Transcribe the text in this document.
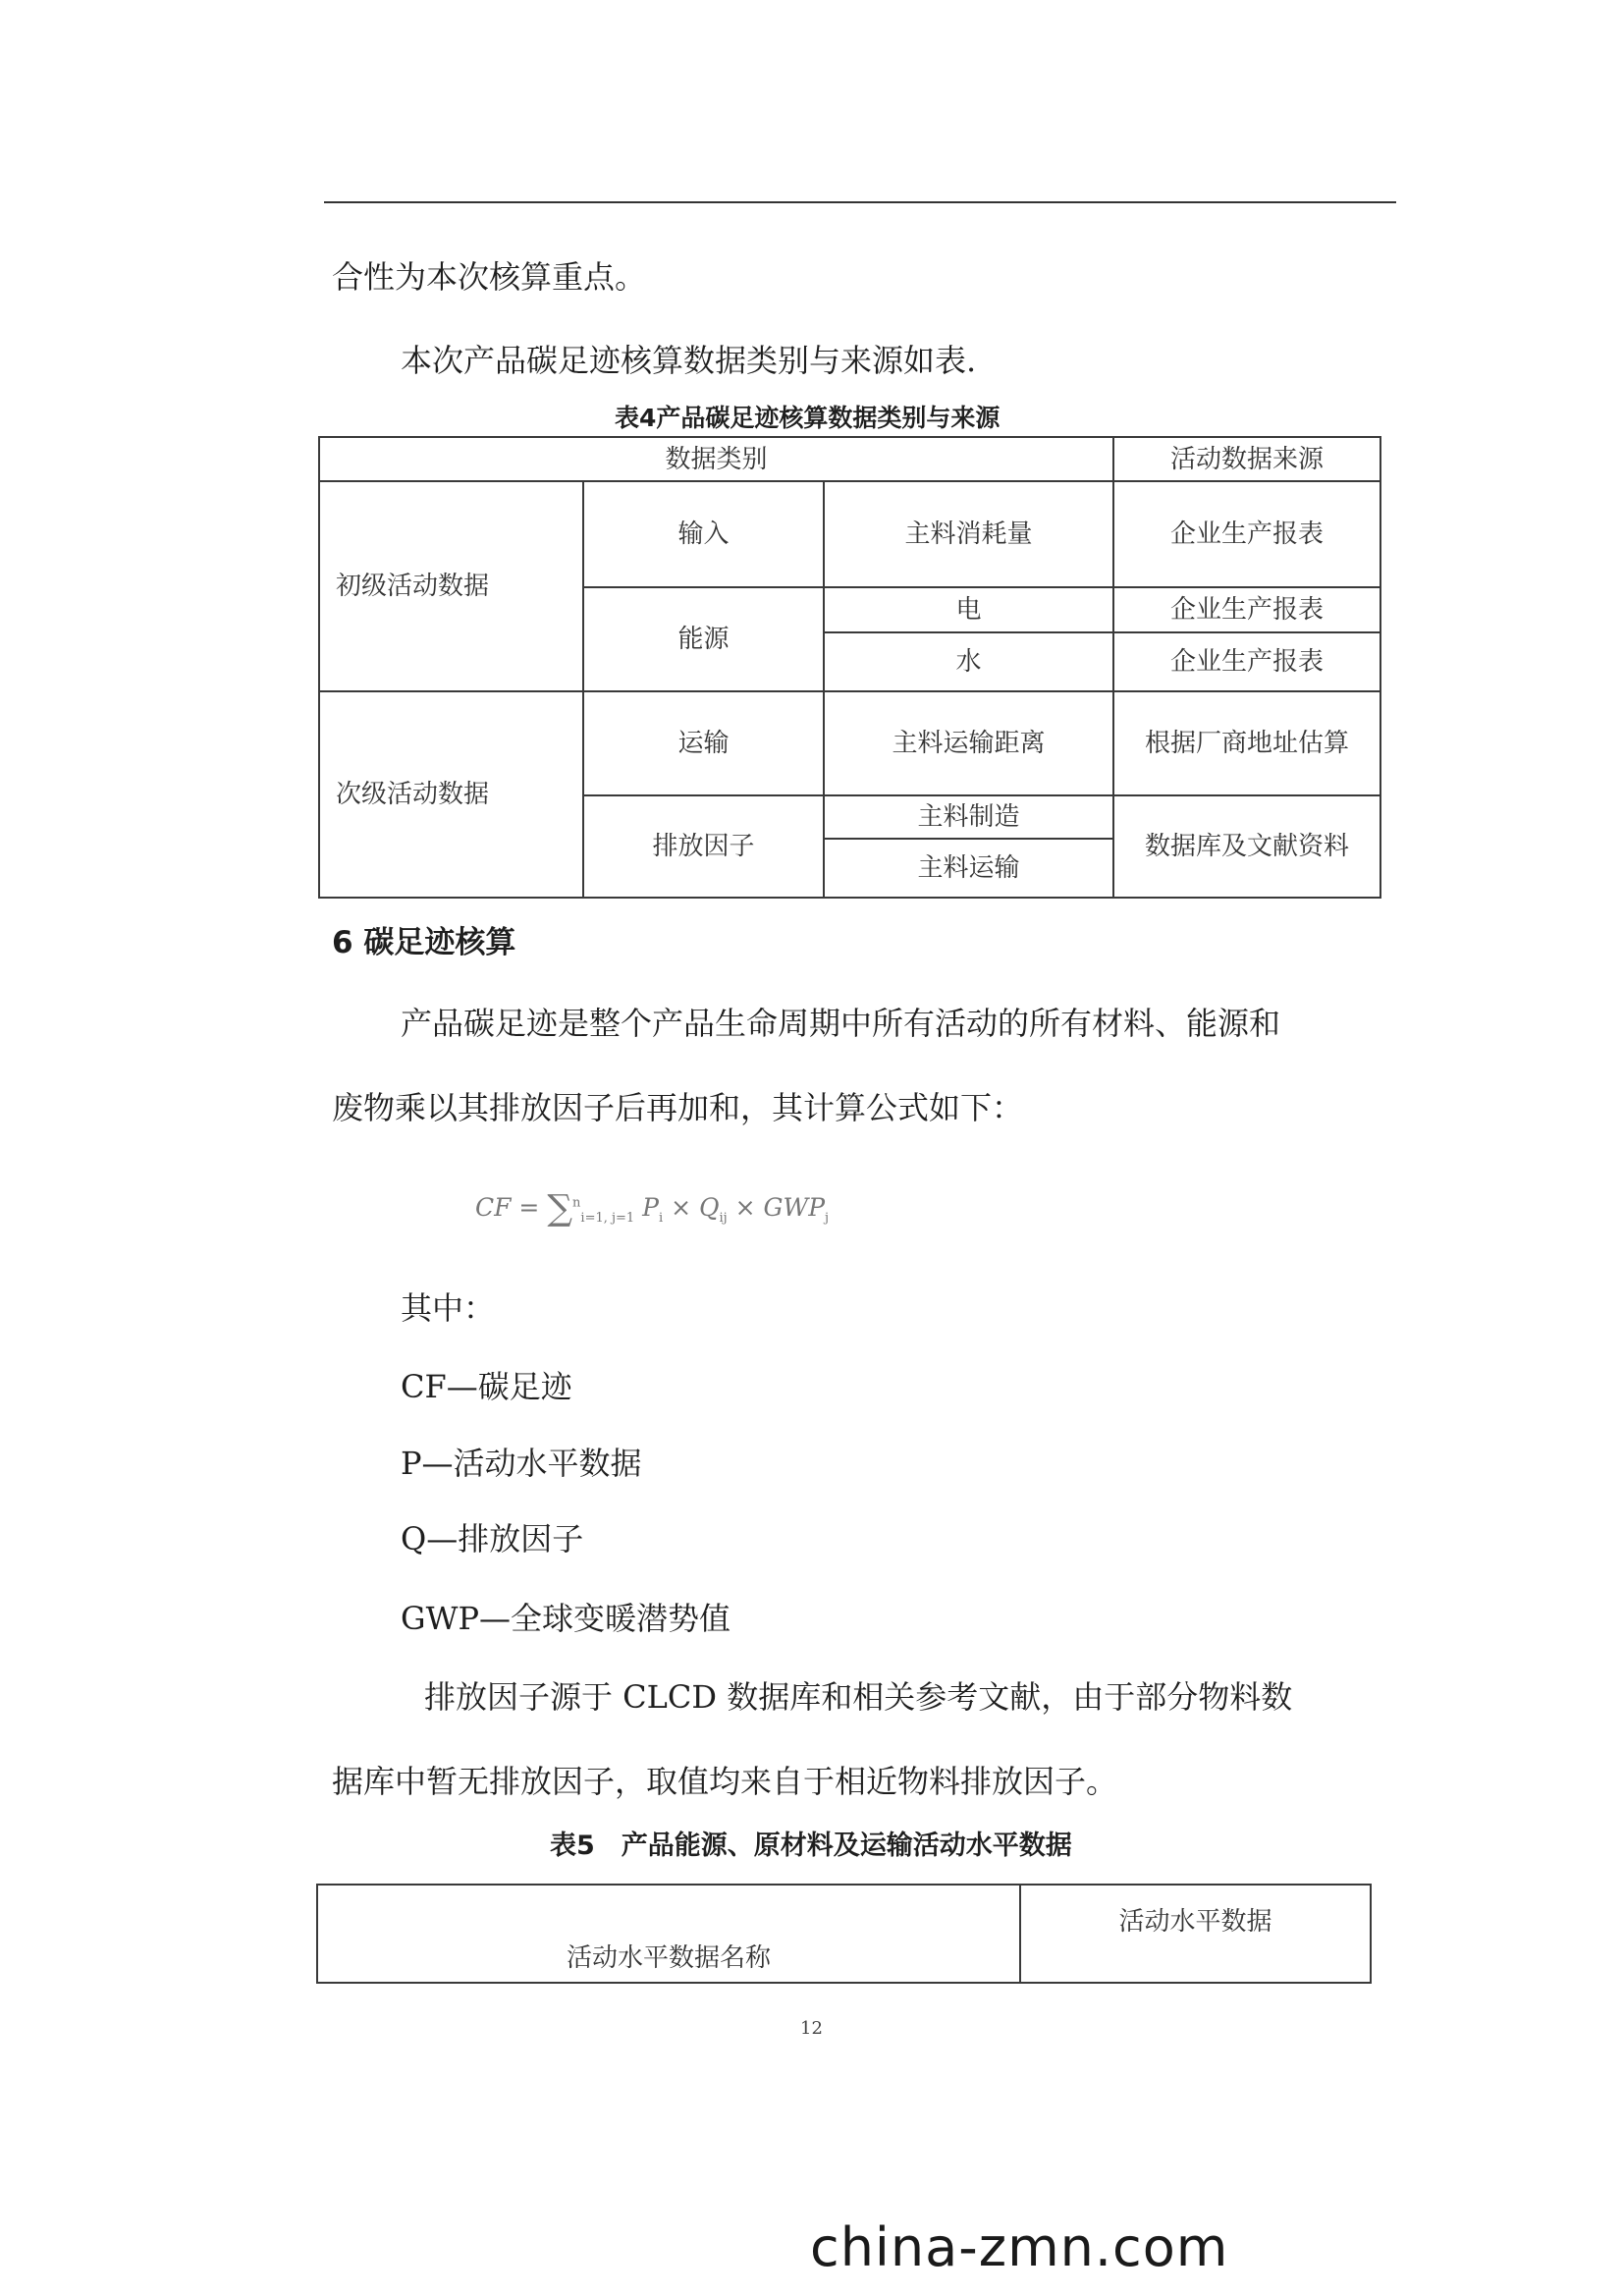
合性为本次核算重点。
本次产品碳足迹核算数据类别与来源如表.
表4产品碳足迹核算数据类别与来源
数据类别			活动数据来源
初级活动数据	输入	主料消耗量	企业生产报表
	能源	电	企业生产报表
		水	企业生产报表
次级活动数据	运输	主料运输距离	根据厂商地址估算
	排放因子	主料制造	数据库及文献资料
		主料运输	
6 碳足迹核算
产品碳足迹是整个产品生命周期中所有活动的所有材料、能源和
废物乘以其排放因子后再加和，其计算公式如下：
CF = ∑$^n_{i=1, j=1}$ $P_i \times Q_{ij} \times GWP_j$
其中：
CF—碳足迹
P—活动水平数据
Q—排放因子
GWP—全球变暖潜势值
排放因子源于 CLCD 数据库和相关参考文献，由于部分物料数
据库中暂无排放因子，取值均来自于相近物料排放因子。
表5　产品能源、原材料及运输活动水平数据
活动水平数据名称	活动水平数据
12
china-zmn.com
